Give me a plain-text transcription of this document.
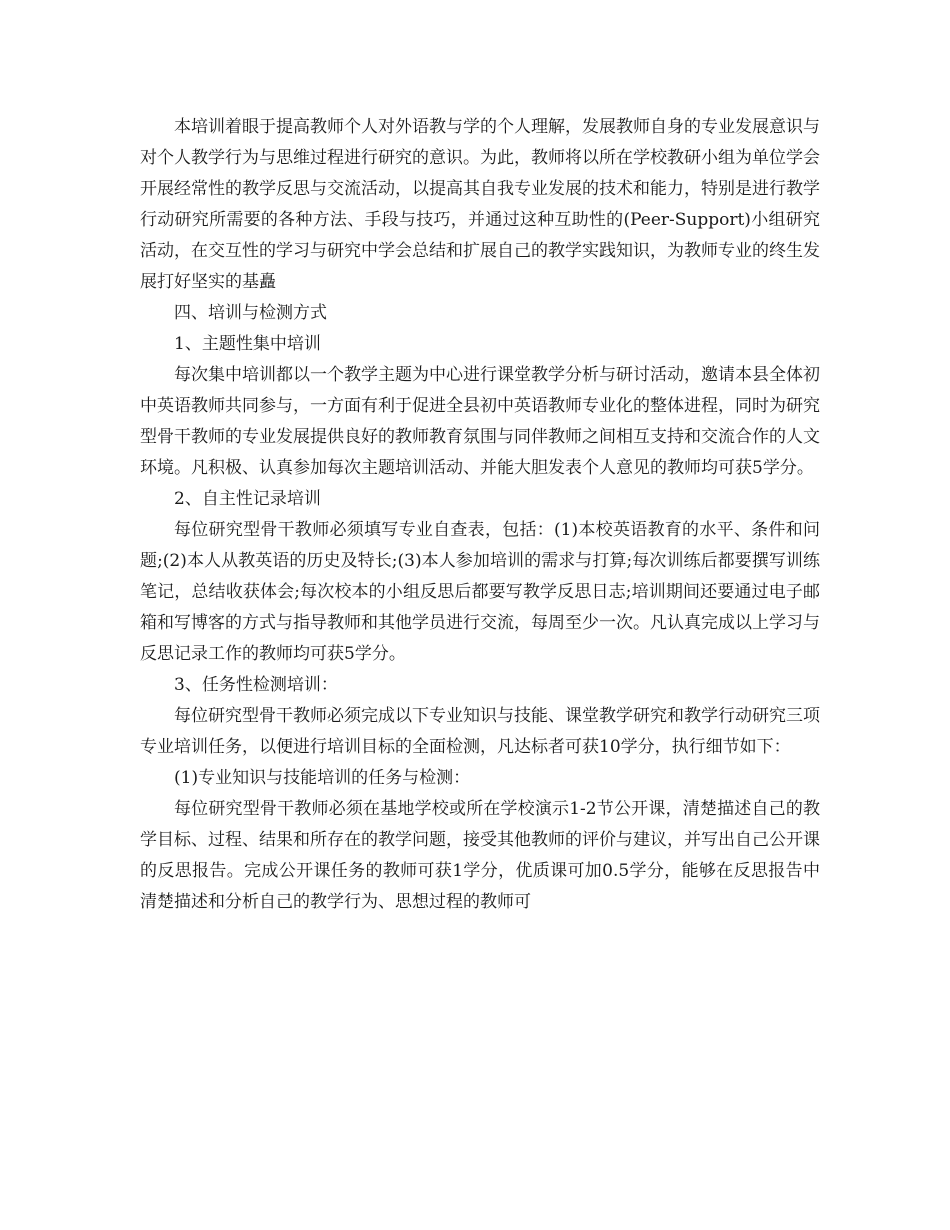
本培训着眼于提高教师个人对外语教与学的个人理解，发展教师自身的专业发展意识与对个人教学行为与思维过程进行研究的意识。为此，教师将以所在学校教研小组为单位学会开展经常性的教学反思与交流活动，以提高其自我专业发展的技术和能力，特别是进行教学行动研究所需要的各种方法、手段与技巧，并通过这种互助性的(Peer-Support)小组研究活动，在交互性的学习与研究中学会总结和扩展自己的教学实践知识，为教师专业的终生发展打好坚实的基矗

四、培训与检测方式

1、主题性集中培训

每次集中培训都以一个教学主题为中心进行课堂教学分析与研讨活动，邀请本县全体初中英语教师共同参与，一方面有利于促进全县初中英语教师专业化的整体进程，同时为研究型骨干教师的专业发展提供良好的教师教育氛围与同伴教师之间相互支持和交流合作的人文环境。凡积极、认真参加每次主题培训活动、并能大胆发表个人意见的教师均可获5学分。

2、自主性记录培训

每位研究型骨干教师必须填写专业自查表，包括：(1)本校英语教育的水平、条件和问题;(2)本人从教英语的历史及特长;(3)本人参加培训的需求与打算;每次训练后都要撰写训练笔记，总结收获体会;每次校本的小组反思后都要写教学反思日志;培训期间还要通过电子邮箱和写博客的方式与指导教师和其他学员进行交流，每周至少一次。凡认真完成以上学习与反思记录工作的教师均可获5学分。

3、任务性检测培训：

每位研究型骨干教师必须完成以下专业知识与技能、课堂教学研究和教学行动研究三项专业培训任务，以便进行培训目标的全面检测，凡达标者可获10学分，执行细节如下：

(1)专业知识与技能培训的任务与检测：

每位研究型骨干教师必须在基地学校或所在学校演示1-2节公开课，清楚描述自己的教学目标、过程、结果和所存在的教学问题，接受其他教师的评价与建议，并写出自己公开课的反思报告。完成公开课任务的教师可获1学分，优质课可加0.5学分，能够在反思报告中清楚描述和分析自己的教学行为、思想过程的教师可
